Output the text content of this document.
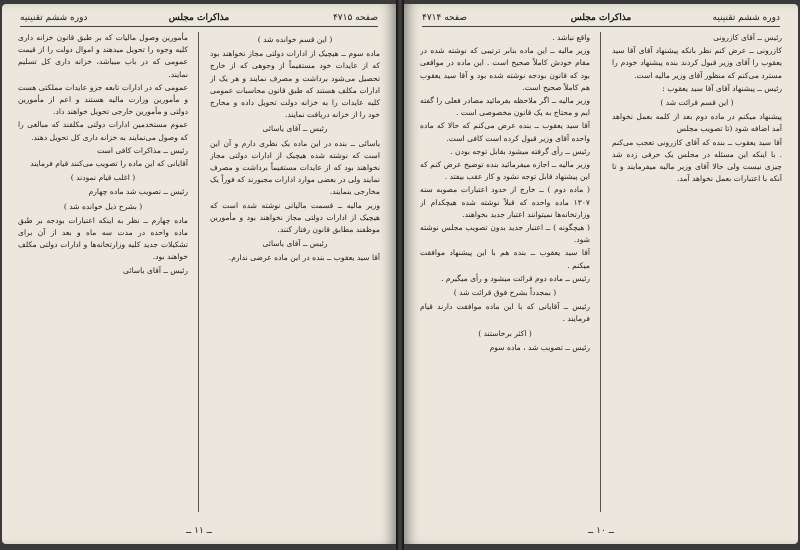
صفحه ۴۷۱۵
مذاکرات مجلس
دوره ششم تقنینیه

( این قسم خوانده شد )

ماده سوم ــ هیچیک از ادارات دولتی مجاز نخواهند بود که از عایدات خود مستقیماً از وجوهی که از خارج تحصیل می‌شود برداشت و مصرف نمایند و هر یک از ادارات مکلف هستند که طبق قانون محاسبات عمومی کلیه عایدات را به خزانه دولت تحویل داده و مخارج خود را از خزانه دریافت نمایند.

رئیس ــ آقای یاسائی

یاسائی ــ بنده در این ماده یک نظری دارم و آن این است که نوشته شده هیچیک از ادارات دولتی مجاز نخواهند بود که از عایدات مستقیماً برداشت و مصرف نمایند ولی در بعضی موارد ادارات مجبورند که فوراً یک مخارجی بنمایند.

وزیر مالیه ــ قسمت مالیاتی نوشته شده است که هیچیک از ادارات دولتی مجاز نخواهند بود و مأمورین موظفند مطابق قانون رفتار کنند.

رئیس ــ آقای یاسائی

آقا سید یعقوب ــ بنده در این ماده عرضی ندارم.

مأمورین وصول مالیات که بر طبق قانون خزانه داری کلیه وجوه را تحویل میدهند و اموال دولت را از قیمت عمومی که در باب میباشد، خزانه داری کل تسلیم نمایند.

عمومی که در ادارات تابعه جزو عایدات مملکتی هست و مأمورین وزارت مالیه هستند و اعم از مأمورین دولتی و مأمورین خارجی تحویل خواهند داد.

عموم مستخدمین ادارات دولتی مکلفند که مبالغی را که وصول می‌نمایند به خزانه داری کل تحویل دهند.

رئیس ــ مذاکرات کافی است

آقایانی که این ماده را تصویب می‌کنند قیام فرمایند

( اغلب قیام نمودند )

رئیس ــ تصویب شد ماده چهارم

( بشرح ذیل خوانده شد )

ماده چهارم ــ نظر به اینکه اعتبارات بودجه بر طبق ماده واحده در مدت سه ماه و بعد از آن برای تشکیلات جدید کلیه وزارتخانه‌ها و ادارات دولتی مکلف خواهند بود.

رئیس ــ آقای یاسائی

ــ ۱۱ ــ
دوره ششم تقنینیه
مذاکرات مجلس
صفحه ۴۷۱۴

رئیس ــ آقای کازرونی

کازرونی ــ عرض کنم نظر بانکه پیشنهاد آقای آقا سید یعقوب را آقای وزیر قبول کردند بنده پیشنهاد خودم را مسترد می‌کنم که منظور آقای وزیر مالیه است.

رئیس ــ پیشنهاد آقای آقا سید یعقوب :

( این قسم قرائت شد )

پیشنهاد میکنم در ماده دوم بعد از کلمه بعمل نخواهد آمد اضافه شود (تا تصویب مجلس

آقا سید یعقوب ــ بنده که آقای کازرونی تعجب می‌کنم . با اینکه این مسئله در مجلس یک حرفی زده شد چیزی نیست ولی حالا آقای وزیر مالیه میفرمایند و تا آنکه با اعتبارات بعمل نخواهد آمد.

واقع نباشد .

وزیر مالیه ــ این ماده بنابر ترتیبی که نوشته شده در مقام خودش کاملاً صحیح است . این ماده در مواقعی بود که قانون بودجه نوشته شده بود و آقا سید یعقوب هم کاملاً صحیح است.

وزیر مالیه ــ اگر ملاحظه بفرمائید مصادر فعلی را گفته ایم و محتاج به یک قانون مخصوصی است .

آقا سید یعقوب ــ بنده عرض می‌کنم که حالا که ماده واحده آقای وزیر قبول کرده است کافی است.

رئیس ــ رأی گرفته میشود بقابل توجه بودن .

وزیر مالیه ــ اجازه میفرمائید بنده توضیح عرض کنم که این پیشنهاد قابل توجه نشود و کار عقب بیفتد .

( ماده دوم ) ــ خارج از حدود اعتبارات مصوبه سنه ۱۳۰۷ ماده واحده که قبلاً نوشته شده هیچکدام از وزارتخانه‌ها نمیتوانند اعتبار جدید بخواهند.

( هیچگونه ) ــ اعتبار جدید بدون تصویب مجلس نوشته شود.

آقا سید یعقوب ــ بنده هم با این پیشنهاد موافقت میکنم .

رئیس ــ ماده دوم قرائت میشود و رأی میگیرم .

( بمجدداً بشرح فوق قرائت شد )

رئیس ــ آقایانی که با این ماده موافقت دارند قیام فرمایند .

( اکثر برخاستند )

رئیس ــ تصویب شد ، ماده سوم

ــ ۱۰ ــ
